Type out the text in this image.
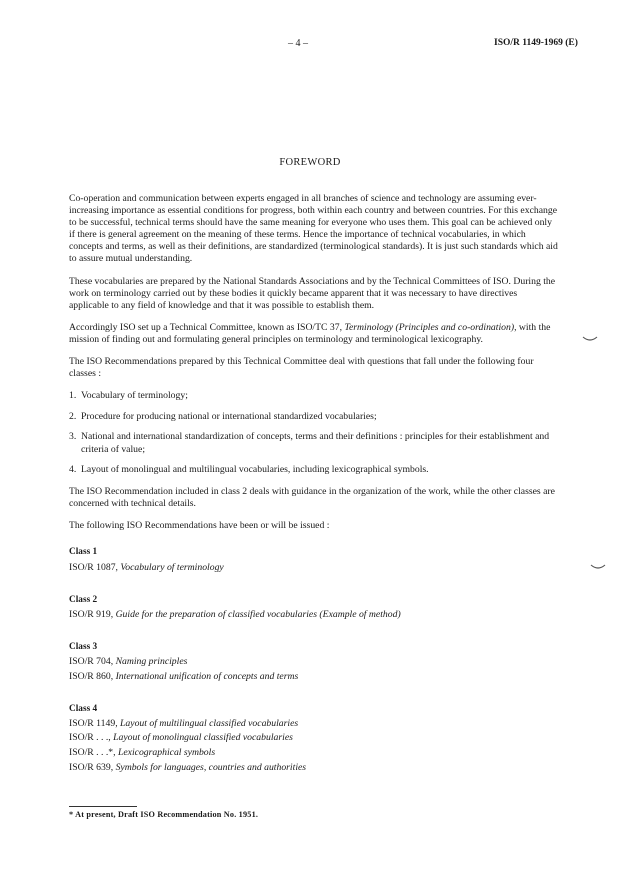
– 4 –	ISO/R 1149-1969 (E)
FOREWORD

Co-operation and communication between experts engaged in all branches of science and technology are assuming ever-increasing importance as essential conditions for progress, both within each country and between countries. For this exchange to be successful, technical terms should have the same meaning for everyone who uses them. This goal can be achieved only if there is general agreement on the meaning of these terms. Hence the importance of technical vocabularies, in which concepts and terms, as well as their definitions, are standardized (terminological standards). It is just such standards which aid to assure mutual understanding.

These vocabularies are prepared by the National Standards Associations and by the Technical Committees of ISO. During the work on terminology carried out by these bodies it quickly became apparent that it was necessary to have directives applicable to any field of knowledge and that it was possible to establish them.

Accordingly ISO set up a Technical Committee, known as ISO/TC 37, Terminology (Principles and co-ordination), with the mission of finding out and formulating general principles on terminology and terminological lexicography.

The ISO Recommendations prepared by this Technical Committee deal with questions that fall under the following four classes :

1. Vocabulary of terminology;
2. Procedure for producing national or international standardized vocabularies;
3. National and international standardization of concepts, terms and their definitions : principles for their establishment and criteria of value;
4. Layout of monolingual and multilingual vocabularies, including lexicographical symbols.

The ISO Recommendation included in class 2 deals with guidance in the organization of the work, while the other classes are concerned with technical details.

The following ISO Recommendations have been or will be issued :

Class 1
ISO/R 1087, Vocabulary of terminology
Class 2
ISO/R 919, Guide for the preparation of classified vocabularies (Example of method)
Class 3
ISO/R 704, Naming principles
ISO/R 860, International unification of concepts and terms
Class 4
ISO/R 1149, Layout of multilingual classified vocabularies
ISO/R . . ., Layout of monolingual classified vocabularies
ISO/R . . .*, Lexicographical symbols
ISO/R 639, Symbols for languages, countries and authorities
* At present, Draft ISO Recommendation No. 1951.
